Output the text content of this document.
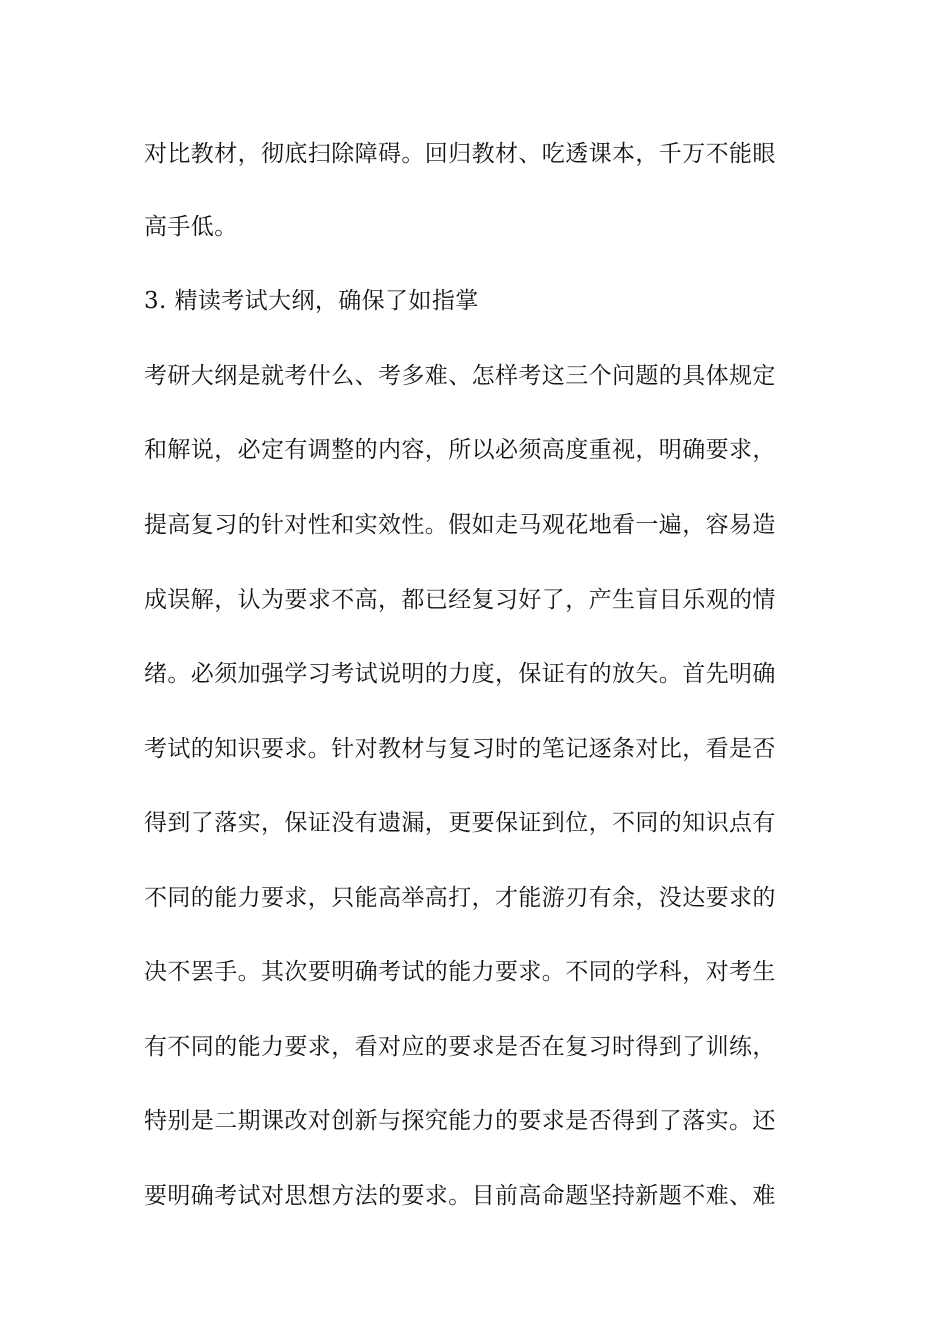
对比教材，彻底扫除障碍。回归教材、吃透课本，千万不能眼
高手低。
3. 精读考试大纲，确保了如指掌
考研大纲是就考什么、考多难、怎样考这三个问题的具体规定
和解说，必定有调整的内容，所以必须高度重视，明确要求，
提高复习的针对性和实效性。假如走马观花地看一遍，容易造
成误解，认为要求不高，都已经复习好了，产生盲目乐观的情
绪。必须加强学习考试说明的力度，保证有的放矢。首先明确
考试的知识要求。针对教材与复习时的笔记逐条对比，看是否
得到了落实，保证没有遗漏，更要保证到位，不同的知识点有
不同的能力要求，只能高举高打，才能游刃有余，没达要求的
决不罢手。其次要明确考试的能力要求。不同的学科，对考生
有不同的能力要求，看对应的要求是否在复习时得到了训练，
特别是二期课改对创新与探究能力的要求是否得到了落实。还
要明确考试对思想方法的要求。目前高命题坚持新题不难、难
